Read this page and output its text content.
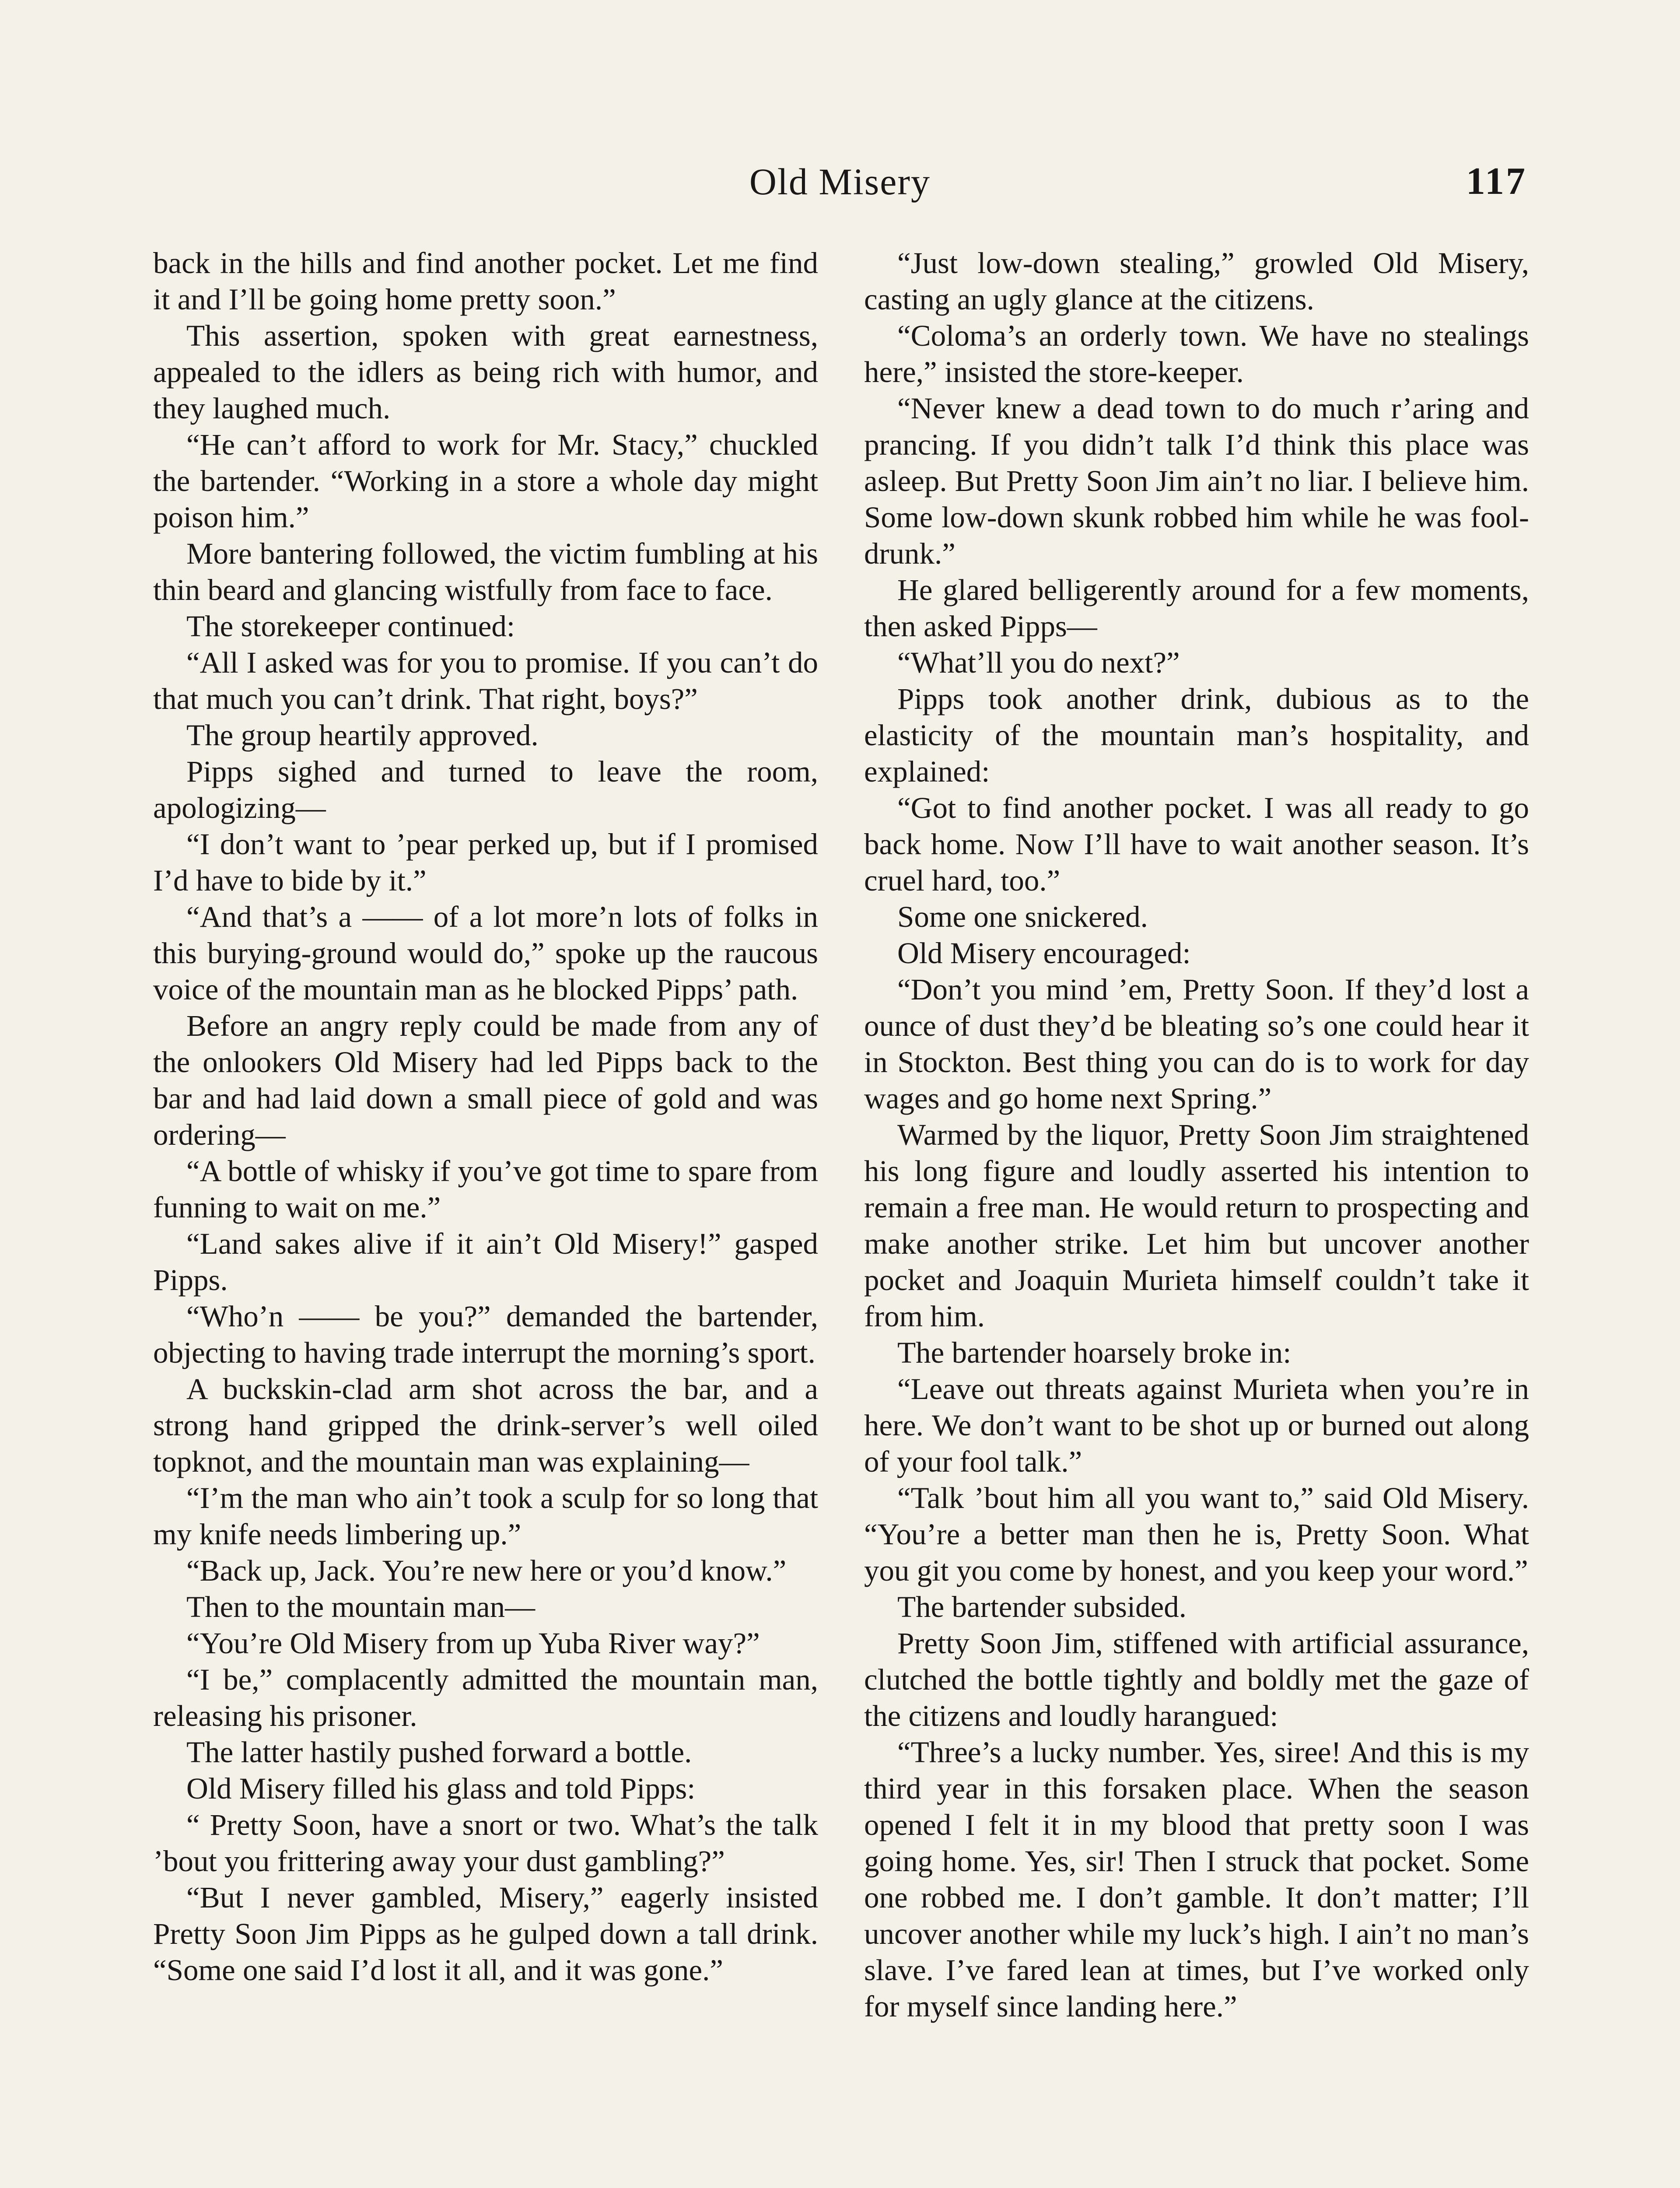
Old Misery	117

back in the hills and find another pocket. Let me find it and I’ll be going home pretty soon.”

This assertion, spoken with great earnestness, appealed to the idlers as being rich with humor, and they laughed much.

“He can’t afford to work for Mr. Stacy,” chuckled the bartender. “Working in a store a whole day might poison him.”

More bantering followed, the victim fumbling at his thin beard and glancing wistfully from face to face.

The storekeeper continued:

“All I asked was for you to promise. If you can’t do that much you can’t drink. That right, boys?”

The group heartily approved.

Pipps sighed and turned to leave the room, apologizing—

“I don’t want to ’pear perked up, but if I promised I’d have to bide by it.”

“And that’s a —— of a lot more’n lots of folks in this burying-ground would do,” spoke up the raucous voice of the mountain man as he blocked Pipps’ path.

Before an angry reply could be made from any of the onlookers Old Misery had led Pipps back to the bar and had laid down a small piece of gold and was ordering—

“A bottle of whisky if you’ve got time to spare from funning to wait on me.”

“Land sakes alive if it ain’t Old Misery!” gasped Pipps.

“Who’n —— be you?” demanded the bartender, objecting to having trade interrupt the morning’s sport.

A buckskin-clad arm shot across the bar, and a strong hand gripped the drink-server’s well oiled topknot, and the mountain man was explaining—

“I’m the man who ain’t took a sculp for so long that my knife needs limbering up.”

“Back up, Jack. You’re new here or you’d know.”

Then to the mountain man—

“You’re Old Misery from up Yuba River way?”

“I be,” complacently admitted the mountain man, releasing his prisoner.

The latter hastily pushed forward a bottle.

Old Misery filled his glass and told Pipps:

“ Pretty Soon, have a snort or two. What’s the talk ’bout you frittering away your dust gambling?”

“But I never gambled, Misery,” eagerly insisted Pretty Soon Jim Pipps as he gulped down a tall drink. “Some one said I’d lost it all, and it was gone.”

“Just low-down stealing,” growled Old Misery, casting an ugly glance at the citizens.

“Coloma’s an orderly town. We have no stealings here,” insisted the store-keeper.

“Never knew a dead town to do much r’aring and prancing. If you didn’t talk I’d think this place was asleep. But Pretty Soon Jim ain’t no liar. I believe him. Some low-down skunk robbed him while he was fool-drunk.”

He glared belligerently around for a few moments, then asked Pipps—

“What’ll you do next?”

Pipps took another drink, dubious as to the elasticity of the mountain man’s hospitality, and explained:

“Got to find another pocket. I was all ready to go back home. Now I’ll have to wait another season. It’s cruel hard, too.”

Some one snickered.

Old Misery encouraged:

“Don’t you mind ’em, Pretty Soon. If they’d lost a ounce of dust they’d be bleating so’s one could hear it in Stockton. Best thing you can do is to work for day wages and go home next Spring.”

Warmed by the liquor, Pretty Soon Jim straightened his long figure and loudly asserted his intention to remain a free man. He would return to prospecting and make another strike. Let him but uncover another pocket and Joaquin Murieta himself couldn’t take it from him.

The bartender hoarsely broke in:

“Leave out threats against Murieta when you’re in here. We don’t want to be shot up or burned out along of your fool talk.”

“Talk ’bout him all you want to,” said Old Misery. “You’re a better man then he is, Pretty Soon. What you git you come by honest, and you keep your word.”

The bartender subsided.

Pretty Soon Jim, stiffened with artificial assurance, clutched the bottle tightly and boldly met the gaze of the citizens and loudly harangued:

“Three’s a lucky number. Yes, siree! And this is my third year in this forsaken place. When the season opened I felt it in my blood that pretty soon I was going home. Yes, sir! Then I struck that pocket. Some one robbed me. I don’t gamble. It don’t matter; I’ll uncover another while my luck’s high. I ain’t no man’s slave. I’ve fared lean at times, but I’ve worked only for myself since landing here.”
